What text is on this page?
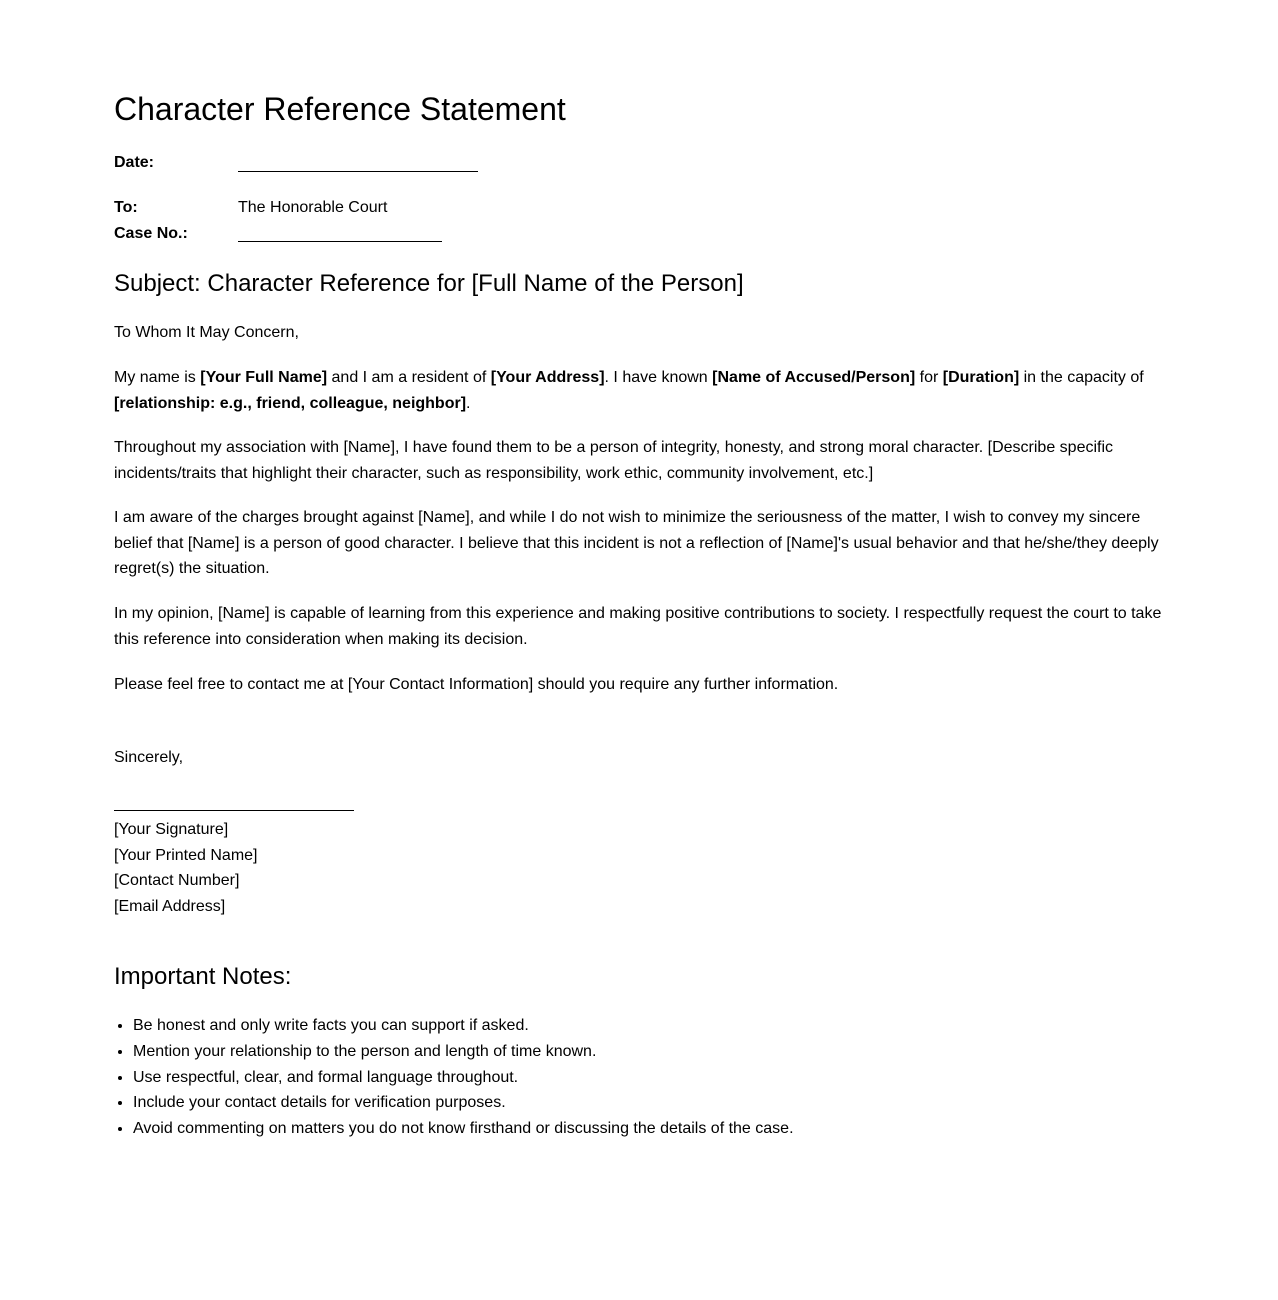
Character Reference Statement
Date:
To:	The Honorable Court
Case No.:
Subject: Character Reference for [Full Name of the Person]

To Whom It May Concern,

My name is [Your Full Name] and I am a resident of [Your Address]. I have known [Name of Accused/Person] for [Duration] in the capacity of [relationship: e.g., friend, colleague, neighbor].

Throughout my association with [Name], I have found them to be a person of integrity, honesty, and strong moral character. [Describe specific incidents/traits that highlight their character, such as responsibility, work ethic, community involvement, etc.]

I am aware of the charges brought against [Name], and while I do not wish to minimize the seriousness of the matter, I wish to convey my sincere belief that [Name] is a person of good character. I believe that this incident is not a reflection of [Name]'s usual behavior and that he/she/they deeply regret(s) the situation.

In my opinion, [Name] is capable of learning from this experience and making positive contributions to society. I respectfully request the court to take this reference into consideration when making its decision.

Please feel free to contact me at [Your Contact Information] should you require any further information.

Sincerely,

[Your Signature]
[Your Printed Name]
[Contact Number]
[Email Address]
Important Notes:
• Be honest and only write facts you can support if asked.
• Mention your relationship to the person and length of time known.
• Use respectful, clear, and formal language throughout.
• Include your contact details for verification purposes.
• Avoid commenting on matters you do not know firsthand or discussing the details of the case.
